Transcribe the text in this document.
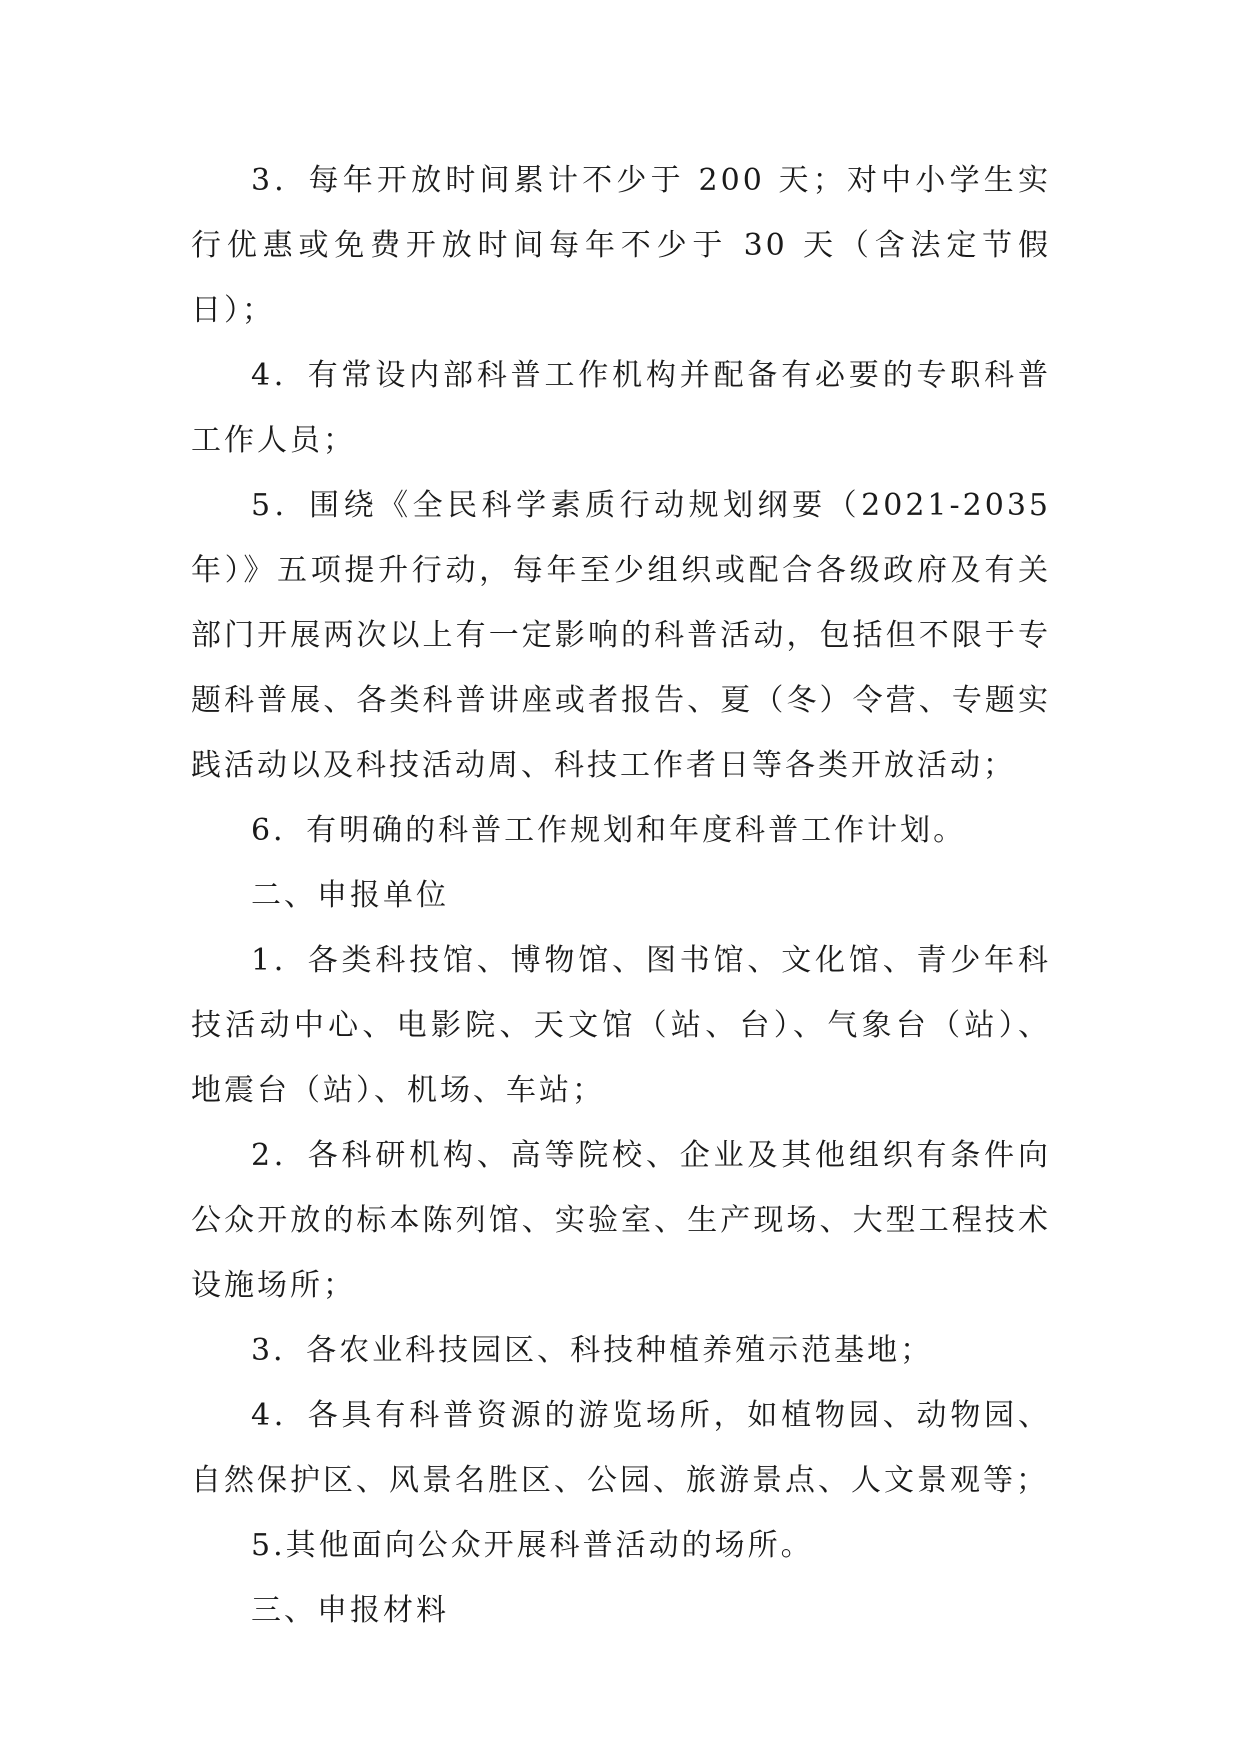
3．每年开放时间累计不少于 200 天；对中小学生实行优惠或免费开放时间每年不少于 30 天（含法定节假日）；

4．有常设内部科普工作机构并配备有必要的专职科普工作人员；

5．围绕《全民科学素质行动规划纲要（2021-2035年）》五项提升行动，每年至少组织或配合各级政府及有关部门开展两次以上有一定影响的科普活动，包括但不限于专题科普展、各类科普讲座或者报告、夏（冬）令营、专题实践活动以及科技活动周、科技工作者日等各类开放活动；

6．有明确的科普工作规划和年度科普工作计划。

二、申报单位

1．各类科技馆、博物馆、图书馆、文化馆、青少年科技活动中心、电影院、天文馆（站、台）、气象台（站）、地震台（站）、机场、车站；

2．各科研机构、高等院校、企业及其他组织有条件向公众开放的标本陈列馆、实验室、生产现场、大型工程技术设施场所；

3．各农业科技园区、科技种植养殖示范基地；

4．各具有科普资源的游览场所，如植物园、动物园、自然保护区、风景名胜区、公园、旅游景点、人文景观等；

5.其他面向公众开展科普活动的场所。

三、申报材料
